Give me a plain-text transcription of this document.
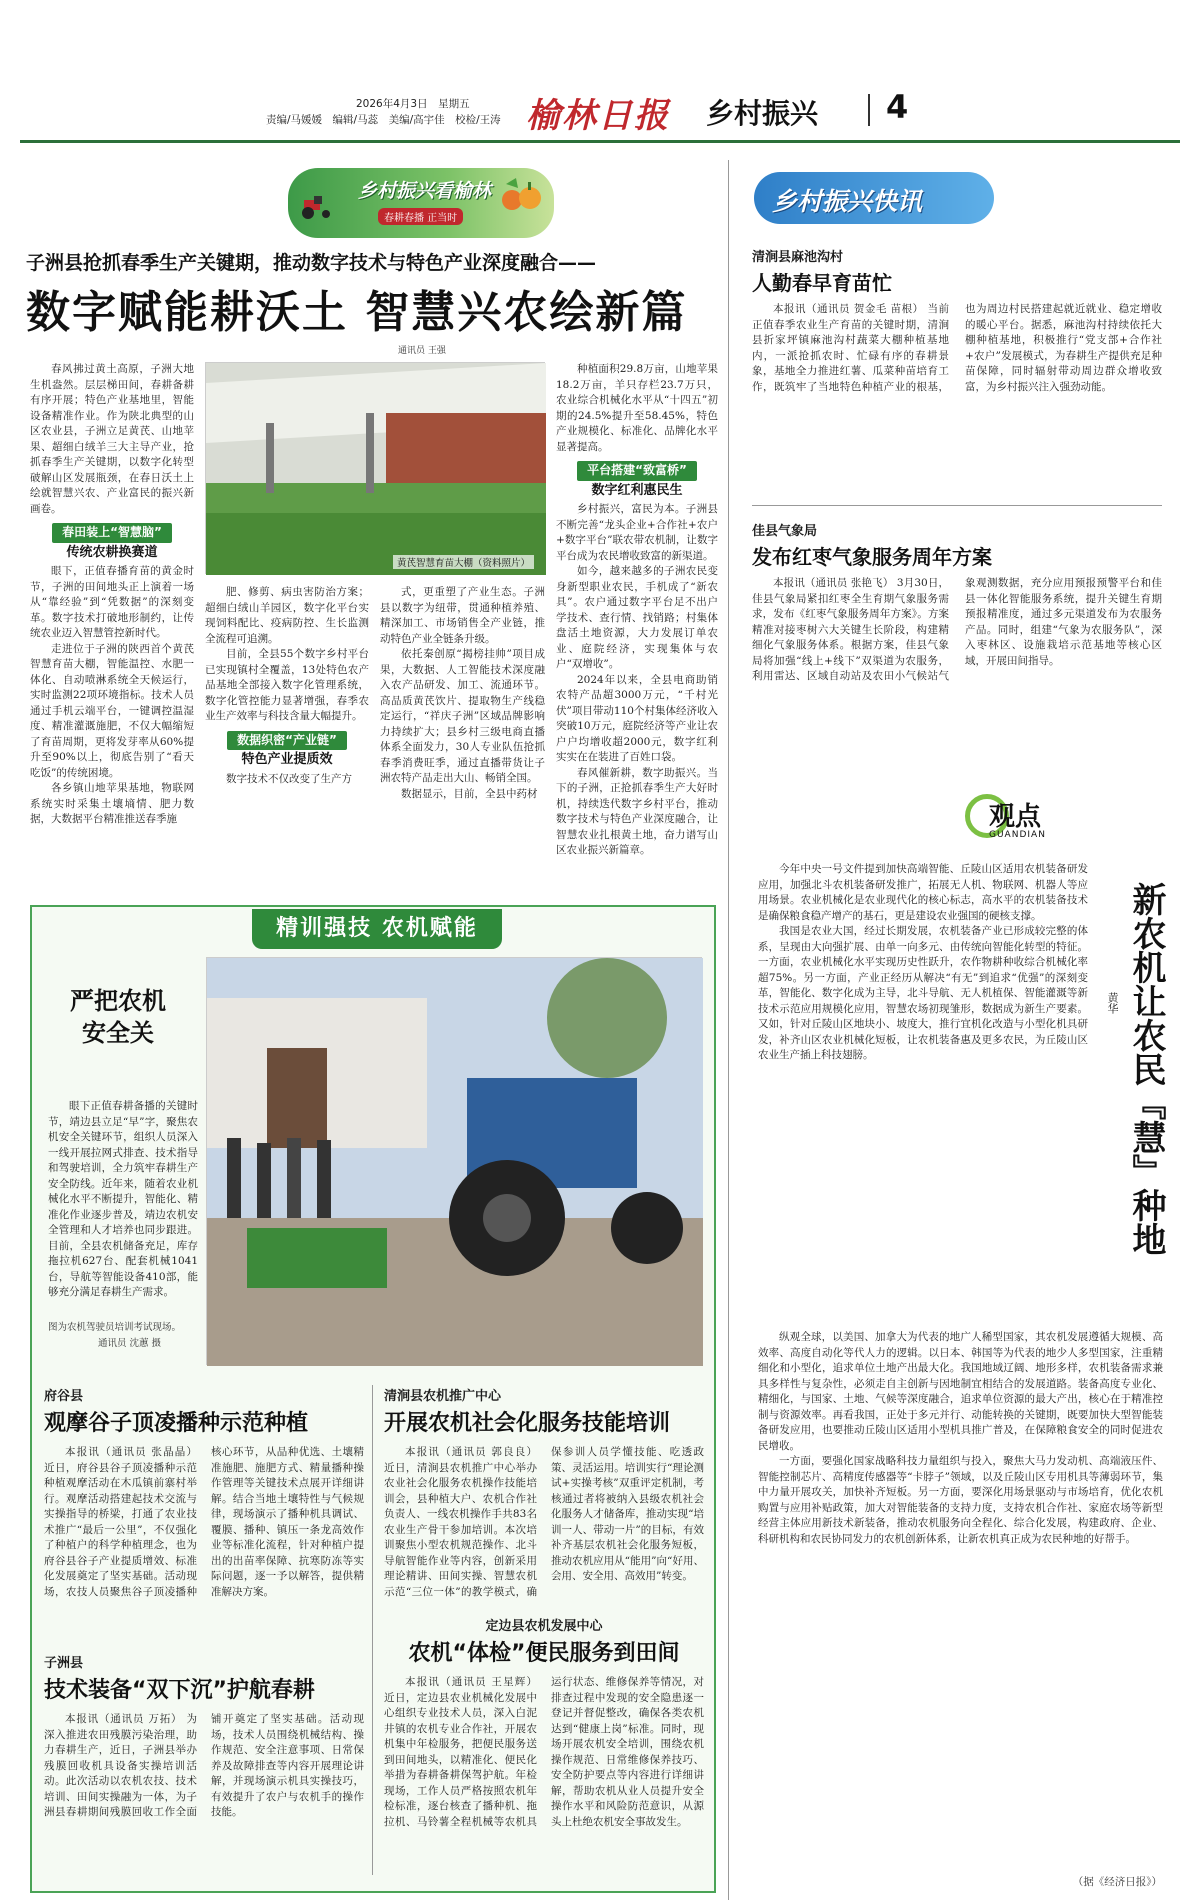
2026年4月3日　 星期五
责编/马媛媛　编辑/马蕊　美编/高宇佳　校检/王涛 榆林日报 乡村振兴 4
乡村振兴看榆林
春耕春播 正当时
子洲县抢抓春季生产关键期，推动数字技术与特色产业深度融合——
数字赋能耕沃土 智慧兴农绘新篇
通讯员 王强

春风拂过黄土高原，子洲大地生机盎然。层层梯田间，春耕备耕有序开展；特色产业基地里，智能设备精准作业。作为陕北典型的山区农业县，子洲立足黄芪、山地苹果、超细白绒羊三大主导产业，抢抓春季生产关键期，以数字化转型破解山区发展瓶颈，在春日沃土上绘就智慧兴农、产业富民的振兴新画卷。

春田装上“智慧脑”
传统农耕换赛道

眼下，正值春播育苗的黄金时节，子洲的田间地头正上演着一场从“靠经验”到“凭数据”的深刻变革。数字技术打破地形制约，让传统农业迈入智慧管控新时代。

走进位于子洲的陕西首个黄芪智慧育苗大棚，智能温控、水肥一体化、自动喷淋系统全天候运行，实时监测22项环境指标。技术人员通过手机云端平台，一键调控温湿度、精准灌溉施肥，不仅大幅缩短了育苗周期，更将发芽率从60%提升至90%以上，彻底告别了“看天吃饭”的传统困境。

各乡镇山地苹果基地，物联网系统实时采集土壤墒情、肥力数据，大数据平台精准推送春季施

黄芪智慧育苗大棚（资料照片）

肥、修剪、病虫害防治方案；超细白绒山羊园区，数字化平台实现饲料配比、疫病防控、生长监测全流程可追溯。

目前，全县55个数字乡村平台已实现镇村全覆盖，13处特色农产品基地全部接入数字化管理系统，数字化管控能力显著增强，春季农业生产效率与科技含量大幅提升。

数据织密“产业链”
特色产业提质效

数字技术不仅改变了生产方

式，更重塑了产业生态。子洲县以数字为纽带，贯通种植养殖、精深加工、市场销售全产业链，推动特色产业全链条升级。

依托秦创原“揭榜挂帅”项目成果，大数据、人工智能技术深度融入农产品研发、加工、流通环节。高品质黄芪饮片、提取物生产线稳定运行，“祥庆子洲”区域品牌影响力持续扩大；县乡村三级电商直播体系全面发力，30人专业队伍抢抓春季消费旺季，通过直播带货让子洲农特产品走出大山、畅销全国。

数据显示，目前，全县中药材

种植面积29.8万亩，山地苹果18.2万亩，羊只存栏23.7万只，农业综合机械化水平从“十四五”初期的24.5%提升至58.45%，特色产业规模化、标准化、品牌化水平显著提高。

平台搭建“致富桥”
数字红利惠民生

乡村振兴，富民为本。子洲县不断完善“龙头企业+合作社+农户+数字平台”联农带农机制，让数字平台成为农民增收致富的新渠道。

如今，越来越多的子洲农民变身新型职业农民，手机成了“新农具”。农户通过数字平台足不出户学技术、查行情、找销路；村集体盘活土地资源，大力发展订单农业、庭院经济，实现集体与农户“双增收”。

2024年以来，全县电商助销农特产品超3000万元，“千村光伏”项目带动110个村集体经济收入突破10万元，庭院经济等产业让农户户均增收超2000元，数字红利实实在在装进了百姓口袋。

春风催新耕，数字助振兴。当下的子洲，正抢抓春季生产大好时机，持续迭代数字乡村平台，推动数字技术与特色产业深度融合，让智慧农业扎根黄土地，奋力谱写山区农业振兴新篇章。

乡村振兴快讯
清涧县麻池沟村
人勤春早育苗忙

本报讯（通讯员 贺金毛 苗根） 当前正值春季农业生产育苗的关键时期，清涧县折家坪镇麻池沟村蔬菜大棚种植基地内，一派抢抓农时、忙碌有序的春耕景象，基地全力推进红薯、瓜菜种苗培育工作，既筑牢了当地特色种植产业的根基，也为周边村民搭建起就近就业、稳定增收的暖心平台。据悉，麻池沟村持续依托大棚种植基地，积极推行“党支部+合作社+农户”发展模式，为春耕生产提供充足种苗保障，同时辐射带动周边群众增收致富，为乡村振兴注入强劲动能。

佳县气象局
发布红枣气象服务周年方案

本报讯（通讯员 张艳飞） 3月30日，佳县气象局紧扣红枣全生育期气象服务需求，发布《红枣气象服务周年方案》。方案精准对接枣树六大关键生长阶段，构建精细化气象服务体系。根据方案，佳县气象局将加强“线上+线下”双渠道为农服务，利用雷达、区域自动站及农田小气候站气象观测数据，充分应用预报预警平台和佳县一体化智能服务系统，提升关键生育期预报精准度，通过多元渠道发布为农服务产品。同时，组建“气象为农服务队”，深入枣林区、设施栽培示范基地等核心区域，开展田间指导。

观点
GUANDIAN
新农机让农民『慧』种地
黄华

今年中央一号文件提到加快高端智能、丘陵山区适用农机装备研发应用，加强北斗农机装备研发推广，拓展无人机、物联网、机器人等应用场景。农业机械化是农业现代化的核心标志，高水平的农机装备技术是确保粮食稳产增产的基石，更是建设农业强国的硬核支撑。

我国是农业大国，经过长期发展，农机装备产业已形成较完整的体系，呈现由大向强扩展、由单一向多元、由传统向智能化转型的特征。一方面，农业机械化水平实现历史性跃升，农作物耕种收综合机械化率超75%。另一方面，产业正经历从解决“有无”到追求“优强”的深刻变革，智能化、数字化成为主导，北斗导航、无人机植保、智能灌溉等新技术示范应用规模化应用，智慧农场初现雏形，数据成为新生产要素。又如，针对丘陵山区地块小、坡度大，推行宜机化改造与小型化机具研发，补齐山区农业机械化短板，让农机装备惠及更多农民，为丘陵山区农业生产插上科技翅膀。

纵观全球，以美国、加拿大为代表的地广人稀型国家，其农机发展遵循大规模、高效率、高度自动化等代人力的逻辑。以日本、韩国等为代表的地少人多型国家，注重精细化和小型化，追求单位土地产出最大化。我国地域辽阔、地形多样，农机装备需求兼具多样性与复杂性，必须走自主创新与因地制宜相结合的发展道路。装备高度专业化、精细化，与国家、土地、气候等深度融合，追求单位资源的最大产出，核心在于精准控制与资源效率。再看我国，正处于多元并行、动能转换的关键期，既要加快大型智能装备研发应用，也要推动丘陵山区适用小型机具推广普及，在保障粮食安全的同时促进农民增收。

一方面，要强化国家战略科技力量组织与投入，聚焦大马力发动机、高端液压件、智能控制芯片、高精度传感器等“卡脖子”领域，以及丘陵山区专用机具等薄弱环节，集中力量开展攻关，加快补齐短板。另一方面，要深化用场景驱动与市场培育，优化农机购置与应用补贴政策，加大对智能装备的支持力度，支持农机合作社、家庭农场等新型经营主体应用新技术新装备，推动农机服务向全程化、综合化发展，构建政府、企业、科研机构和农民协同发力的农机创新体系，让新农机真正成为农民种地的好帮手。

（据《经济日报》）
精训强技 农机赋能
严把农机安全关

眼下正值春耕备播的关键时节，靖边县立足“早”字，聚焦农机安全关键环节，组织人员深入一线开展拉网式排查、技术指导和驾驶培训，全力筑牢春耕生产安全防线。近年来，随着农业机械化水平不断提升，智能化、精准化作业逐步普及，靖边农机安全管理和人才培养也同步跟进。目前，全县农机储备充足，库存拖拉机627台、配套机械1041台，导航等智能设备410部，能够充分满足春耕生产需求。

图为农机驾驶员培训考试现场。
通讯员 沈蕙 摄
府谷县
观摩谷子顶凌播种示范种植

本报讯（通讯员 张晶晶） 近日，府谷县谷子顶凌播种示范种植观摩活动在木瓜镇前寨村举行。观摩活动搭建起技术交流与实操指导的桥梁，打通了农业技术推广“最后一公里”，不仅强化了种植户的科学种植理念，也为府谷县谷子产业提质增效、标准化发展奠定了坚实基础。活动现场，农技人员聚焦谷子顶凌播种核心环节，从品种优选、土壤精准施肥、施肥方式、精量播种操作管理等关键技术点展开详细讲解。结合当地土壤特性与气候规律，现场演示了播种机具调试、覆膜、播种、镇压一条龙高效作业等标准化流程，针对种植户提出的出苗率保障、抗寒防冻等实际问题，逐一予以解答，提供精准解决方案。

子洲县
技术装备“双下沉”护航春耕

本报讯（通讯员 万拓） 为深入推进农田残膜污染治理，助力春耕生产，近日，子洲县举办残膜回收机具设备实操培训活动。此次活动以农机农技、技术培训、田间实操融为一体，为子洲县春耕期间残膜回收工作全面铺开奠定了坚实基础。活动现场，技术人员围绕机械结构、操作规范、安全注意事项、日常保养及故障排查等内容开展理论讲解，并现场演示机具实操技巧，有效提升了农户与农机手的操作技能。

清涧县农机推广中心
开展农机社会化服务技能培训

本报讯（通讯员 郭良良） 近日，清涧县农机推广中心举办农业社会化服务农机操作技能培训会，县种植大户、农机合作社负责人、一线农机操作手共83名农业生产骨干参加培训。本次培训聚焦小型农机规范操作、北斗导航智能作业等内容，创新采用理论精讲、田间实操、智慧农机示范“三位一体”的教学模式，确保参训人员学懂技能、吃透政策、灵活运用。培训实行“理论测试+实操考核”双重评定机制，考核通过者将被纳入县级农机社会化服务人才储备库，推动实现“培训一人、带动一片”的目标，有效补齐基层农机社会化服务短板，推动农机应用从“能用”向“好用、会用、安全用、高效用”转变。

定边县农机发展中心
农机“体检”便民服务到田间

本报讯（通讯员 王星辉） 近日，定边县农业机械化发展中心组织专业技术人员，深入白泥井镇的农机专业合作社，开展农机集中年检服务，把便民服务送到田间地头，以精准化、便民化举措为春耕备耕保驾护航。年检现场，工作人员严格按照农机年检标准，逐台核查了播种机、拖拉机、马铃薯全程机械等农机具运行状态、维修保养等情况，对排查过程中发现的安全隐患逐一登记并督促整改，确保各类农机达到“健康上岗”标准。同时，现场开展农机安全培训，围绕农机操作规范、日常维修保养技巧、安全防护要点等内容进行详细讲解，帮助农机从业人员提升安全操作水平和风险防范意识，从源头上杜绝农机安全事故发生。
